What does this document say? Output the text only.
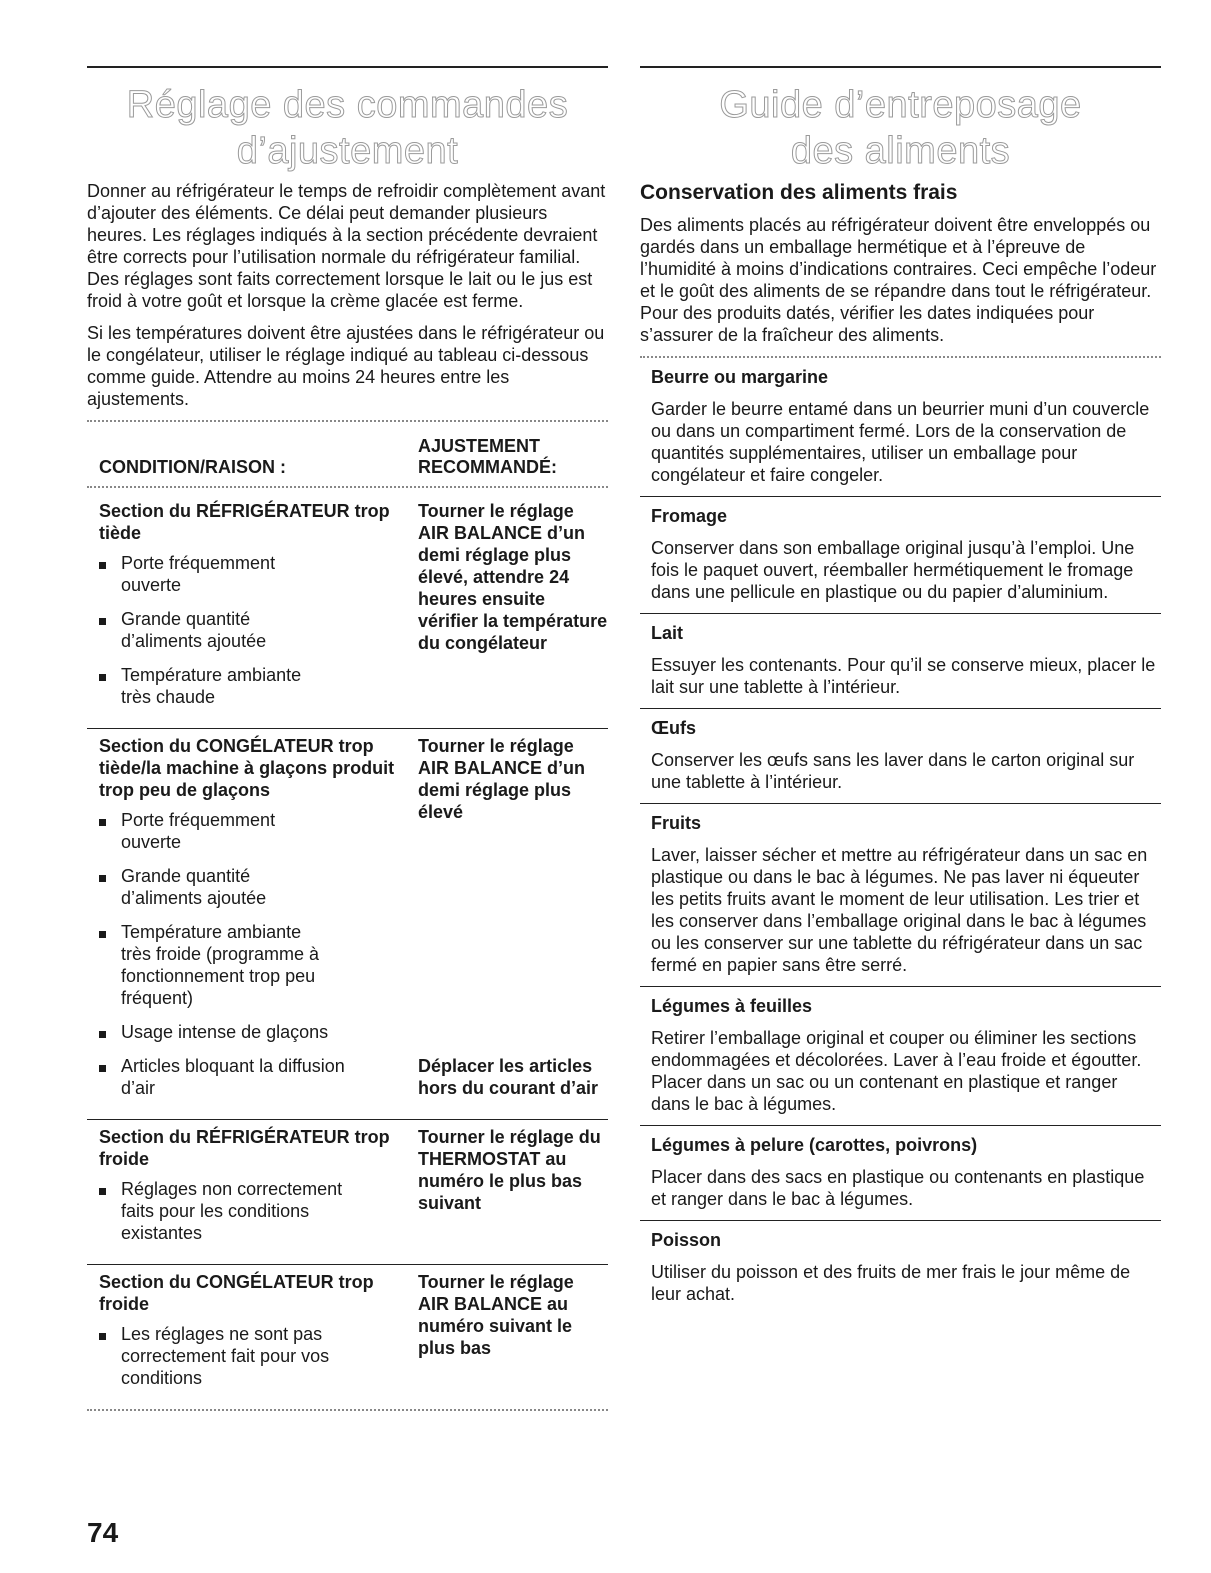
Réglage des commandes
d’ajustement

Donner au réfrigérateur le temps de refroidir complètement avant d’ajouter des éléments. Ce délai peut demander plusieurs heures. Les réglages indiqués à la section précédente devraient être corrects pour l’utilisation normale du réfrigérateur familial. Des réglages sont faits correctement lorsque le lait ou le jus est froid à votre goût et lorsque la crème glacée est ferme.

Si les températures doivent être ajustées dans le réfrigérateur ou le congélateur, utiliser le réglage indiqué au tableau ci-dessous comme guide. Attendre au moins 24 heures entre les ajustements.

CONDITION/RAISON :
AJUSTEMENT
RECOMMANDÉ:
Section du RÉFRIGÉRATEUR trop tiède
Porte fréquemment ouverte
Grande quantité d’aliments ajoutée
Température ambiante très chaude
Tourner le réglage AIR BALANCE d’un demi réglage plus élevé, attendre 24 heures ensuite vérifier la température du congélateur
Section du CONGÉLATEUR trop tiède/la machine à glaçons produit trop peu de glaçons
Porte fréquemment ouverte
Grande quantité d’aliments ajoutée
Température ambiante très froide (programme à fonctionnement trop peu fréquent)
Usage intense de glaçons
Tourner le réglage AIR BALANCE d’un demi réglage plus élevé
Articles bloquant la diffusion d’air
Déplacer les articles hors du courant d’air
Section du RÉFRIGÉRATEUR trop froide
Réglages non correctement faits pour les conditions existantes
Tourner le réglage du THERMOSTAT au numéro le plus bas suivant
Section du CONGÉLATEUR trop froide
Les réglages ne sont pas correctement fait pour vos conditions
Tourner le réglage AIR BALANCE au numéro suivant le plus bas
Guide d’entreposage
des aliments
Conservation des aliments frais

Des aliments placés au réfrigérateur doivent être enveloppés ou gardés dans un emballage hermétique et à l’épreuve de l’humidité à moins d’indications contraires. Ceci empêche l’odeur et le goût des aliments de se répandre dans tout le réfrigérateur. Pour des produits datés, vérifier les dates indiquées pour s’assurer de la fraîcheur des aliments.

Beurre ou margarine

Garder le beurre entamé dans un beurrier muni d’un couvercle ou dans un compartiment fermé. Lors de la conservation de quantités supplémentaires, utiliser un emballage pour congélateur et faire congeler.

Fromage

Conserver dans son emballage original jusqu’à l’emploi. Une fois le paquet ouvert, réemballer hermétiquement le fromage dans une pellicule en plastique ou du papier d’aluminium.

Lait

Essuyer les contenants. Pour qu’il se conserve mieux, placer le lait sur une tablette à l’intérieur.

Œufs

Conserver les œufs sans les laver dans le carton original sur une tablette à l’intérieur.

Fruits

Laver, laisser sécher et mettre au réfrigérateur dans un sac en plastique ou dans le bac à légumes. Ne pas laver ni équeuter les petits fruits avant le moment de leur utilisation. Les trier et les conserver dans l’emballage original dans le bac à légumes ou les conserver sur une tablette du réfrigérateur dans un sac fermé en papier sans être serré.

Légumes à feuilles

Retirer l’emballage original et couper ou éliminer les sections endommagées et décolorées. Laver à l’eau froide et égoutter. Placer dans un sac ou un contenant en plastique et ranger dans le bac à légumes.

Légumes à pelure (carottes, poivrons)

Placer dans des sacs en plastique ou contenants en plastique et ranger dans le bac à légumes.

Poisson

Utiliser du poisson et des fruits de mer frais le jour même de leur achat.

74
